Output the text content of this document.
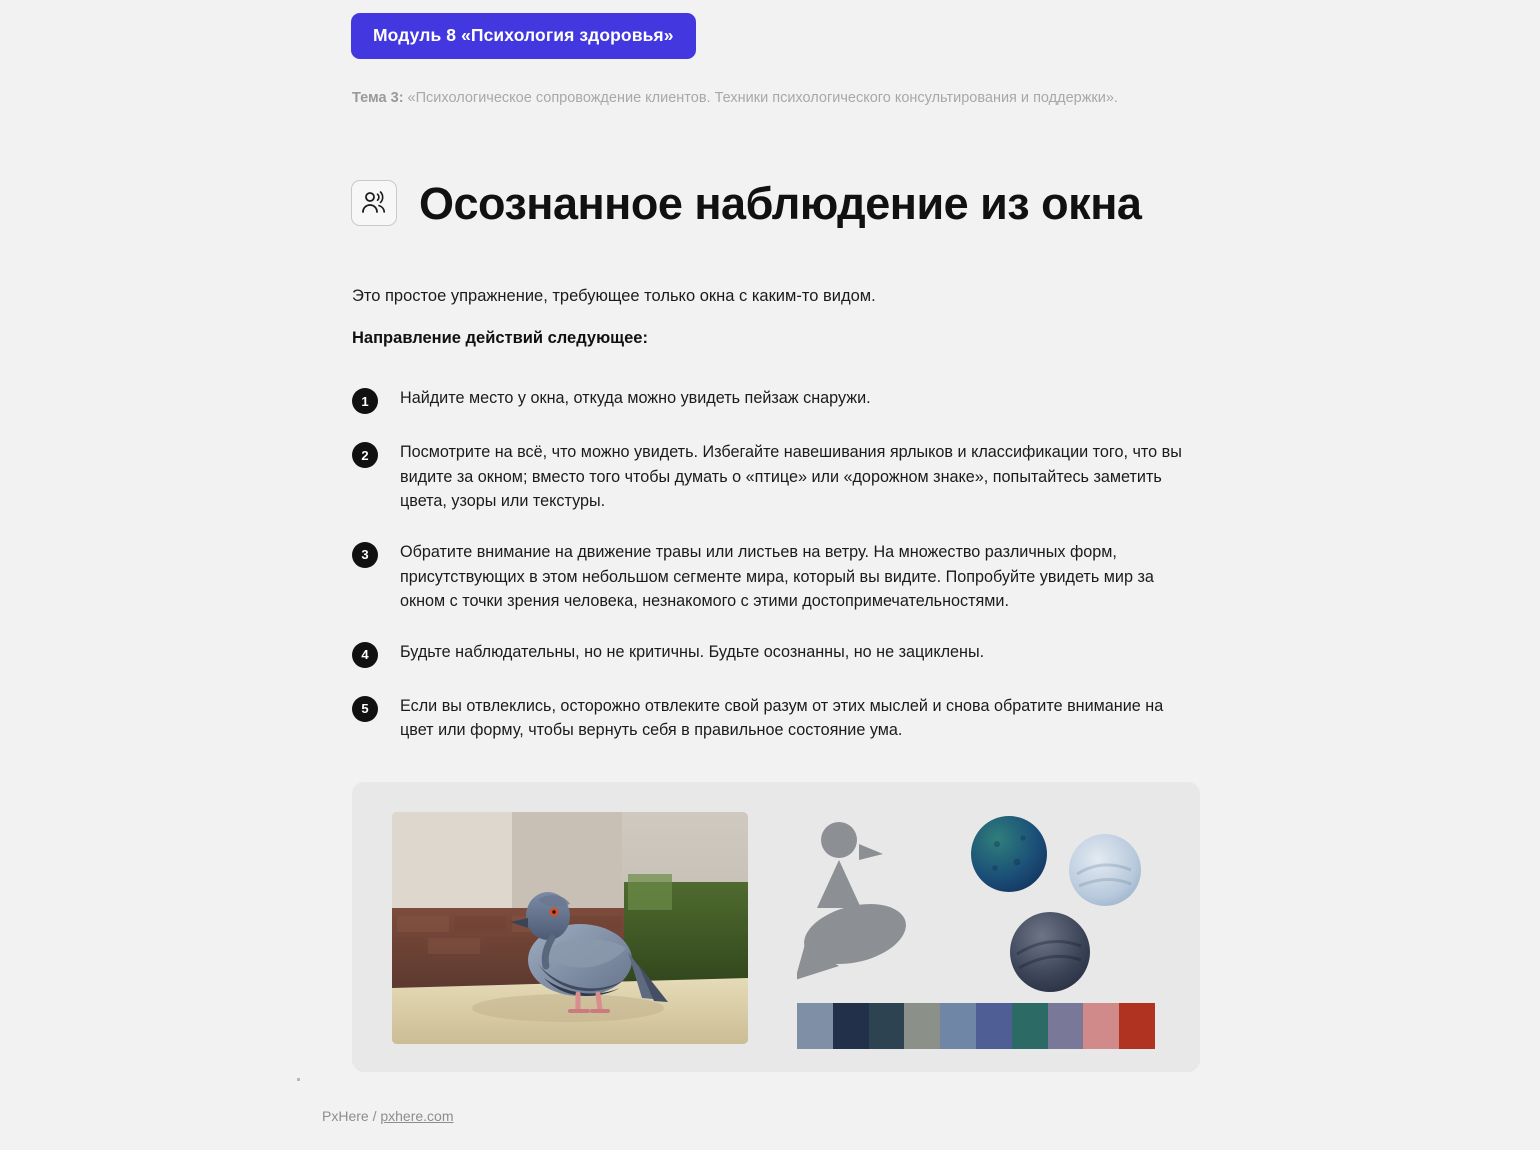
Модуль 8 «Психология здоровья»
Тема 3: «Психологическое сопровождение клиентов. Техники психологического консультирования и поддержки».
Осознанное наблюдение из окна
Это простое упражнение, требующее только окна с каким-то видом.
Направление действий следующее:
1	Найдите место у окна, откуда можно увидеть пейзаж снаружи.
2	Посмотрите на всё, что можно увидеть. Избегайте навешивания ярлыков и классификации того, что вы видите за окном; вместо того чтобы думать о «птице» или «дорожном знаке», попытайтесь заметить цвета, узоры или текстуры.
3	Обратите внимание на движение травы или листьев на ветру. На множество различных форм, присутствующих в этом небольшом сегменте мира, который вы видите. Попробуйте увидеть мир за окном с точки зрения человека, незнакомого с этими достопримечательностями.
4	Будьте наблюдательны, но не критичны. Будьте осознанны, но не зациклены.
5	Если вы отвлеклись, осторожно отвлеките свой разум от этих мыслей и снова обратите внимание на цвет или форму, чтобы вернуть себя в правильное состояние ума.
PxHere / pxhere.com
